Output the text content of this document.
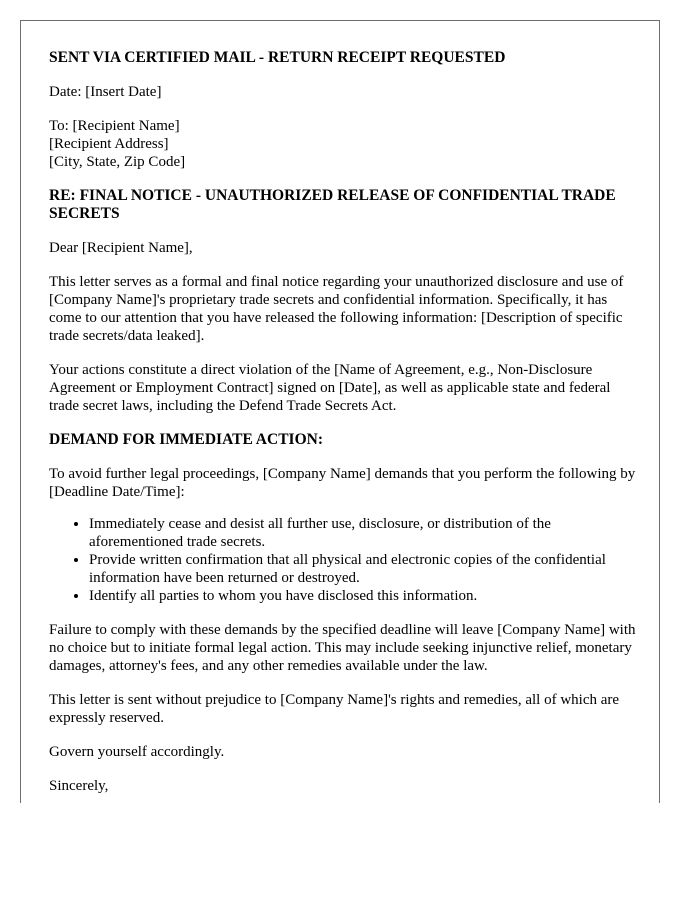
SENT VIA CERTIFIED MAIL - RETURN RECEIPT REQUESTED

Date: [Insert Date]

To: [Recipient Name]
[Recipient Address]
[City, State, Zip Code]

RE: FINAL NOTICE - UNAUTHORIZED RELEASE OF CONFIDENTIAL TRADE SECRETS

Dear [Recipient Name],

This letter serves as a formal and final notice regarding your unauthorized disclosure and use of [Company Name]'s proprietary trade secrets and confidential information. Specifically, it has come to our attention that you have released the following information: [Description of specific trade secrets/data leaked].

Your actions constitute a direct violation of the [Name of Agreement, e.g., Non-Disclosure Agreement or Employment Contract] signed on [Date], as well as applicable state and federal trade secret laws, including the Defend Trade Secrets Act.

DEMAND FOR IMMEDIATE ACTION:

To avoid further legal proceedings, [Company Name] demands that you perform the following by [Deadline Date/Time]:

• Immediately cease and desist all further use, disclosure, or distribution of the aforementioned trade secrets.
• Provide written confirmation that all physical and electronic copies of the confidential information have been returned or destroyed.
• Identify all parties to whom you have disclosed this information.

Failure to comply with these demands by the specified deadline will leave [Company Name] with no choice but to initiate formal legal action. This may include seeking injunctive relief, monetary damages, attorney's fees, and any other remedies available under the law.

This letter is sent without prejudice to [Company Name]'s rights and remedies, all of which are expressly reserved.

Govern yourself accordingly.

Sincerely,
